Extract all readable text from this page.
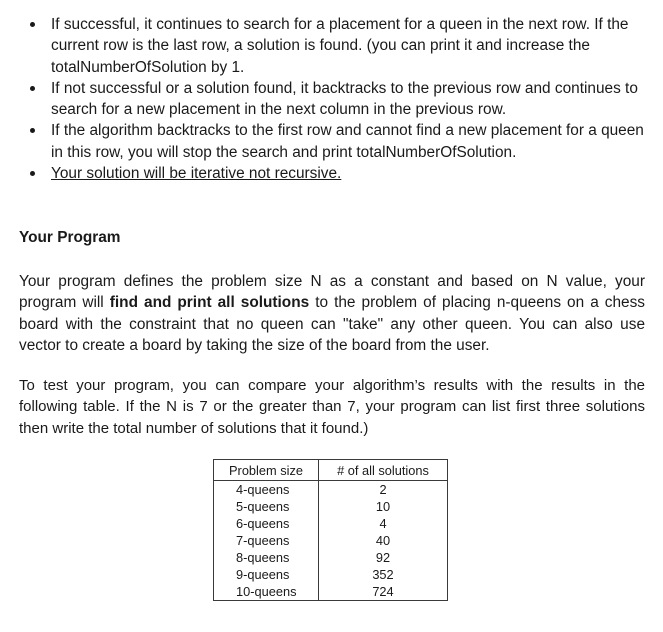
If successful, it continues to search for a placement for a queen in the next row. If the current row is the last row, a solution is found. (you can print it and increase the totalNumberOfSolution by 1.
If not successful or a solution found, it backtracks to the previous row and continues to search for a new placement in the next column in the previous row.
If the algorithm backtracks to the first row and cannot find a new placement for a queen in this row, you will stop the search and print totalNumberOfSolution.
Your solution will be iterative not recursive.
Your Program
Your program defines the problem size N as a constant and based on N value, your program will find and print all solutions to the problem of placing n-queens on a chess board with the constraint that no queen can "take" any other queen. You can also use vector to create a board by taking the size of the board from the user.
To test your program, you can compare your algorithm’s results with the results in the following table. If the N is 7 or the greater than 7, your program can list first three solutions then write the total number of solutions that it found.)
Problem size	# of all solutions
4-queens	2
5-queens	10
6-queens	4
7-queens	40
8-queens	92
9-queens	352
10-queens	724
